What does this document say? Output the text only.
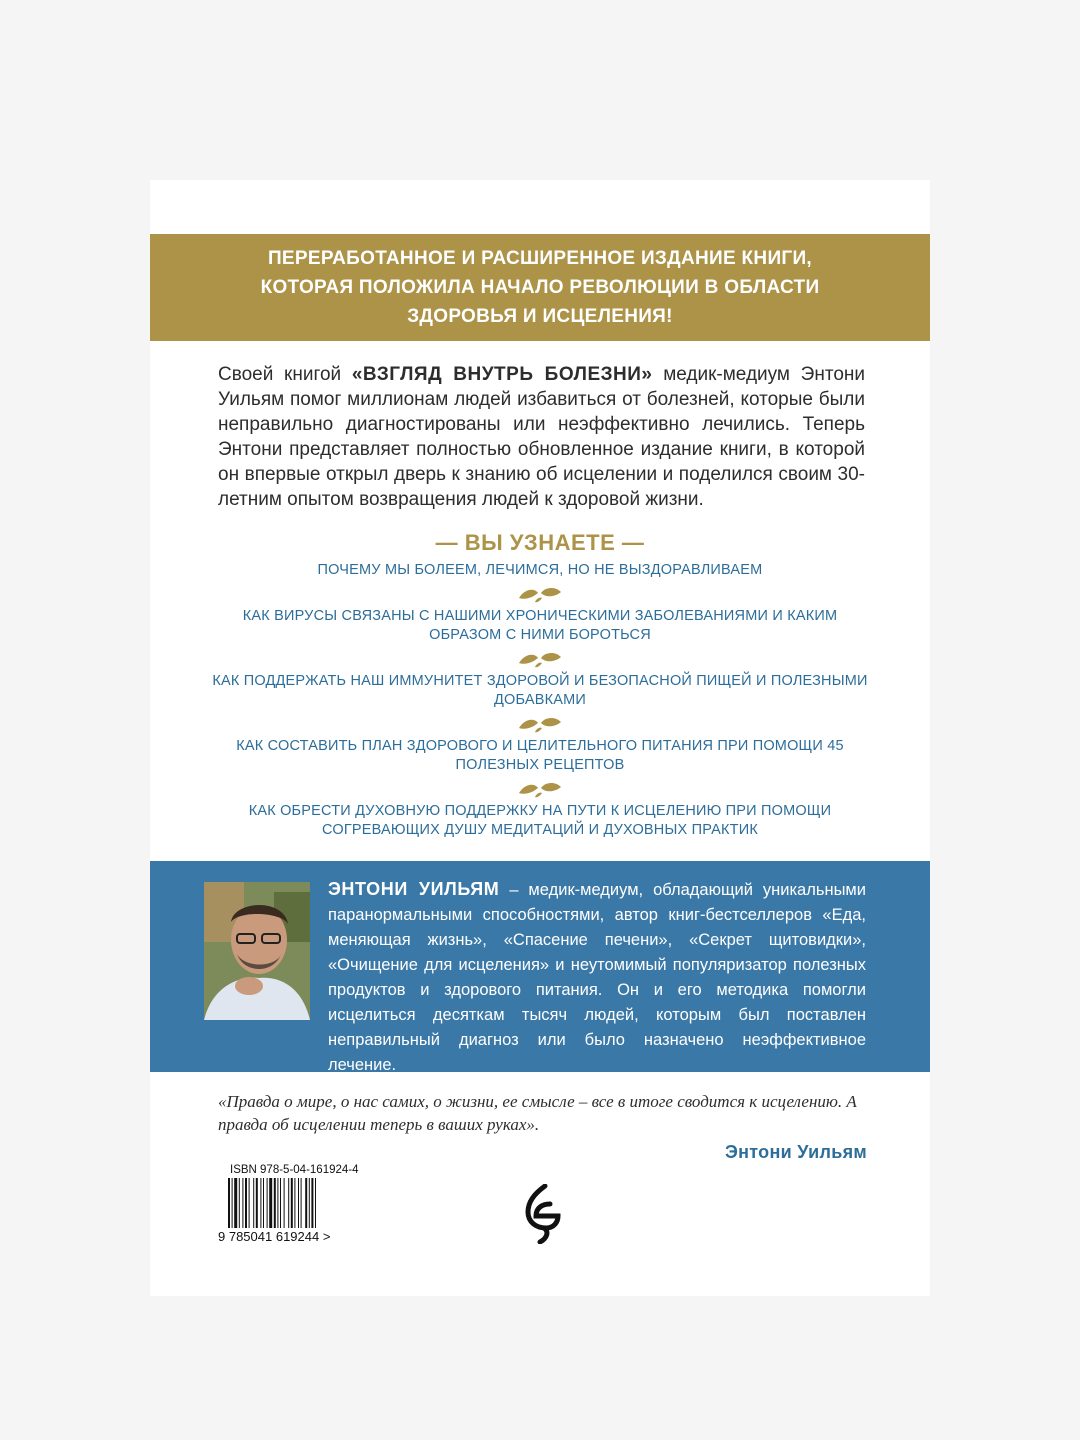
ПЕРЕРАБОТАННОЕ И РАСШИРЕННОЕ ИЗДАНИЕ КНИГИ,
КОТОРАЯ ПОЛОЖИЛА НАЧАЛО РЕВОЛЮЦИИ В ОБЛАСТИ
ЗДОРОВЬЯ И ИСЦЕЛЕНИЯ!
Своей книгой «ВЗГЛЯД ВНУТРЬ БОЛЕЗНИ» медик-медиум Энтони Уильям помог миллионам людей избавиться от болезней, которые были неправильно диагностированы или неэффективно лечились. Теперь Энтони представляет полностью обновленное издание книги, в которой он впервые открыл дверь к знанию об исцелении и поделился своим 30-летним опытом возвращения людей к здоровой жизни.
— ВЫ УЗНАЕТЕ —

ПОЧЕМУ МЫ БОЛЕЕМ, ЛЕЧИМСЯ, НО НЕ ВЫЗДОРАВЛИВАЕМ

КАК ВИРУСЫ СВЯЗАНЫ С НАШИМИ ХРОНИЧЕСКИМИ ЗАБОЛЕВАНИЯМИ И КАКИМ ОБРАЗОМ С НИМИ БОРОТЬСЯ

КАК ПОДДЕРЖАТЬ НАШ ИММУНИТЕТ ЗДОРОВОЙ И БЕЗОПАСНОЙ ПИЩЕЙ И ПОЛЕЗНЫМИ ДОБАВКАМИ

КАК СОСТАВИТЬ ПЛАН ЗДОРОВОГО И ЦЕЛИТЕЛЬНОГО ПИТАНИЯ ПРИ ПОМОЩИ 45 ПОЛЕЗНЫХ РЕЦЕПТОВ

КАК ОБРЕСТИ ДУХОВНУЮ ПОДДЕРЖКУ НА ПУТИ К ИСЦЕЛЕНИЮ ПРИ ПОМОЩИ СОГРЕВАЮЩИХ ДУШУ МЕДИТАЦИЙ И ДУХОВНЫХ ПРАКТИК

ЭНТОНИ УИЛЬЯМ – медик-медиум, обладающий уникальными паранормальными способностями, автор книг-бестселлеров «Еда, меняющая жизнь», «Спасение печени», «Секрет щитовидки», «Очищение для исцеления» и неутомимый популяризатор полезных продуктов и здорового питания. Он и его методика помогли исцелиться десяткам тысяч людей, которым был поставлен неправильный диагноз или было назначено неэффективное лечение.
«Правда о мире, о нас самих, о жизни, ее смысле – все в итоге сводится к исцелению. А правда об исцелении теперь в ваших руках».
Энтони Уильям
ISBN 978-5-04-161924-4
9 785041 619244 >
